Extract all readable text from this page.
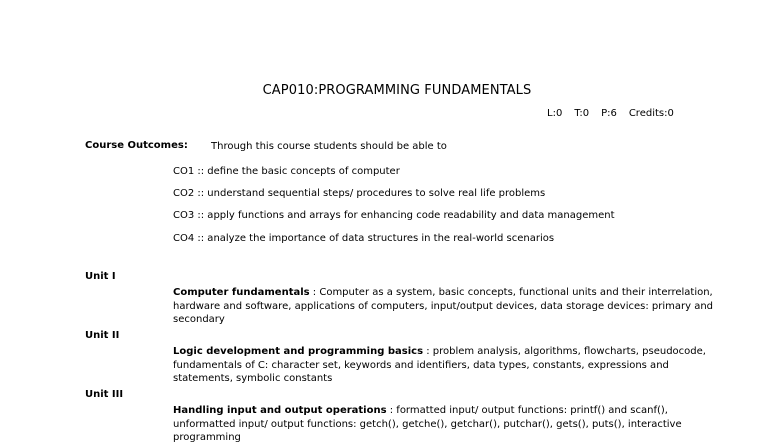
CAP010:PROGRAMMING FUNDAMENTALS
L:0 T:0 P:6 Credits:0
Course Outcomes: Through this course students should be able to
CO1 :: define the basic concepts of computer
CO2 :: understand sequential steps/ procedures to solve real life problems
CO3 :: apply functions and arrays for enhancing code readability and data management
CO4 :: analyze the importance of data structures in the real-world scenarios
Unit I
Computer fundamentals : Computer as a system, basic concepts, functional units and their interrelation, hardware and software, applications of computers, input/output devices, data storage devices: primary and secondary
Unit II
Logic development and programming basics : problem analysis, algorithms, flowcharts, pseudocode, fundamentals of C: character set, keywords and identifiers, data types, constants, expressions and statements, symbolic constants
Unit III
Handling input and output operations : formatted input/ output functions: printf() and scanf(), unformatted input/ output functions: getch(), getche(), getchar(), putchar(), gets(), puts(), interactive programming
